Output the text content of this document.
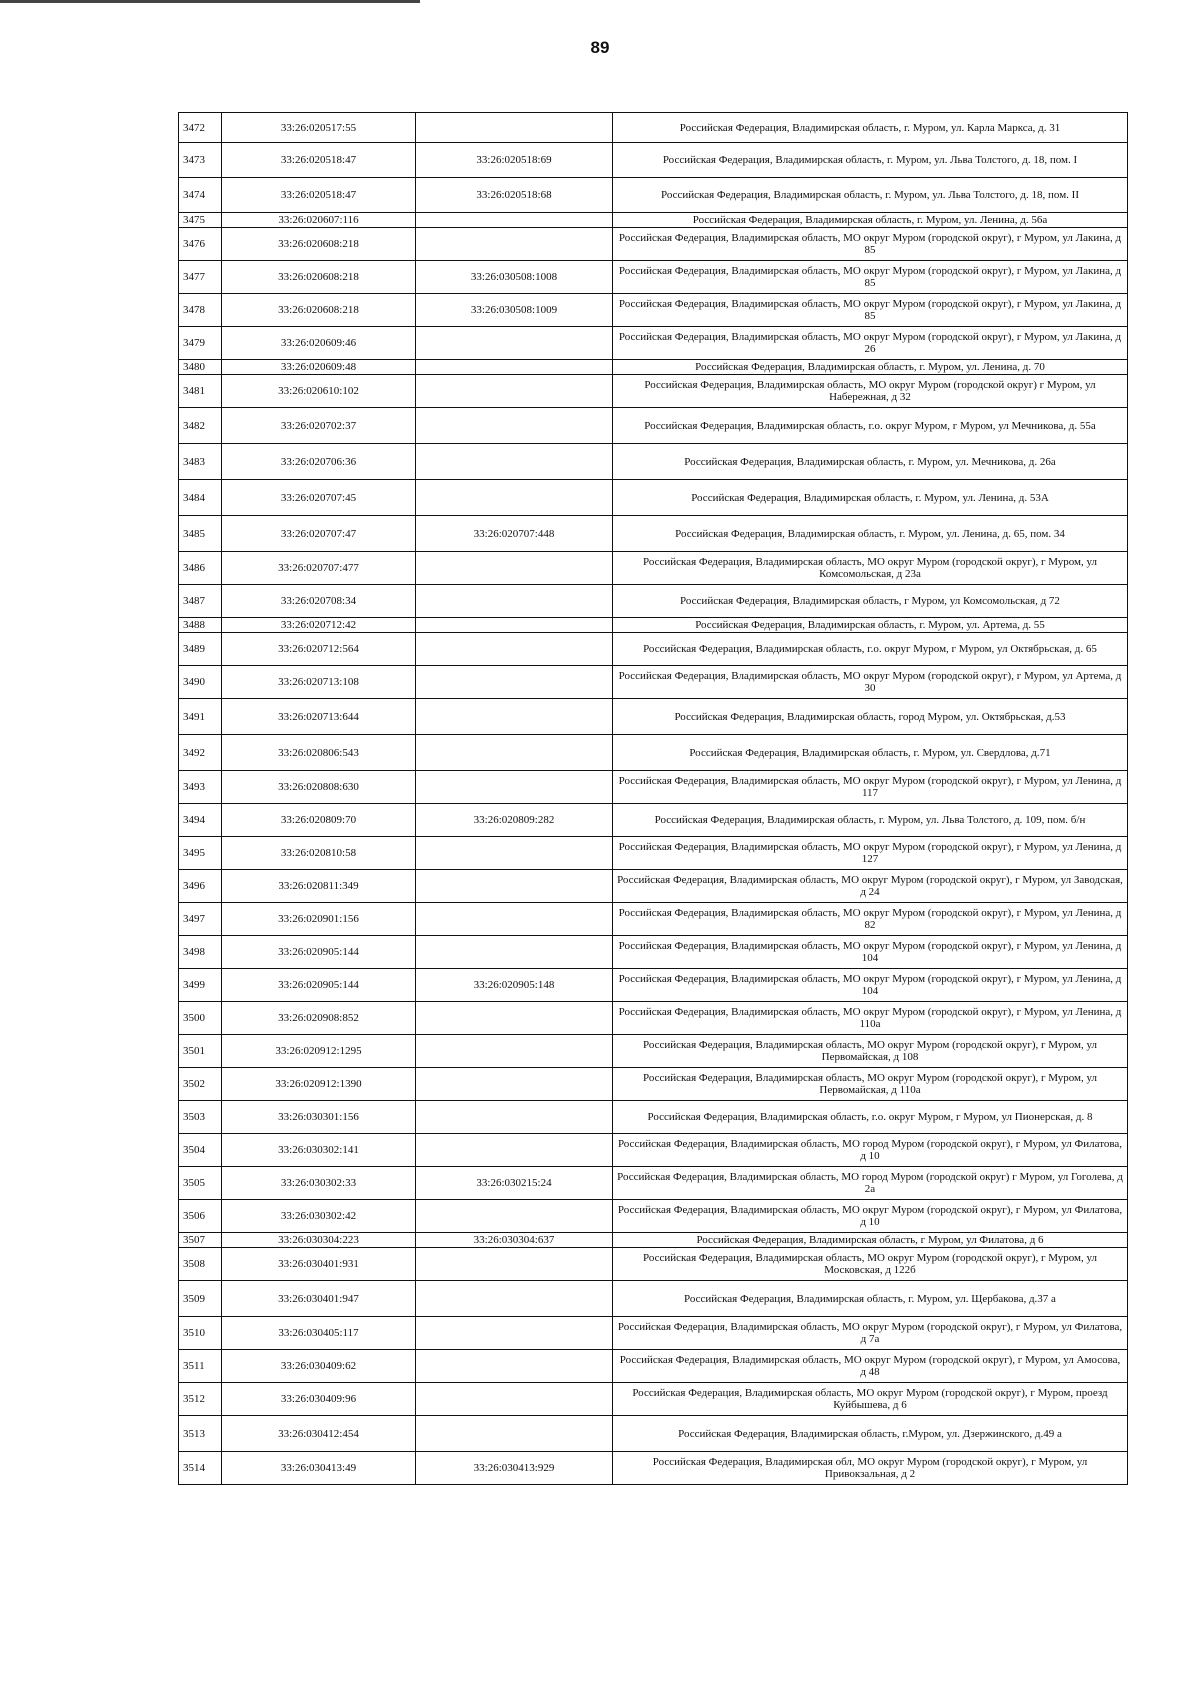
89
3472	33:26:020517:55		Российская Федерация, Владимирская область, г. Муром, ул. Карла Маркса, д. 31
3473	33:26:020518:47	33:26:020518:69	Российская Федерация, Владимирская область, г. Муром, ул. Льва Толстого, д. 18, пом. I
3474	33:26:020518:47	33:26:020518:68	Российская Федерация, Владимирская область, г. Муром, ул. Льва Толстого, д. 18, пом. II
3475	33:26:020607:116		Российская Федерация, Владимирская область, г. Муром, ул. Ленина, д. 56а
3476	33:26:020608:218		Российская Федерация, Владимирская область, МО округ Муром (городской округ), г Муром, ул Лакина, д 85
3477	33:26:020608:218	33:26:030508:1008	Российская Федерация, Владимирская область, МО округ Муром (городской округ), г Муром, ул Лакина, д 85
3478	33:26:020608:218	33:26:030508:1009	Российская Федерация, Владимирская область, МО округ Муром (городской округ), г Муром, ул Лакина, д 85
3479	33:26:020609:46		Российская Федерация, Владимирская область, МО округ Муром (городской округ), г Муром, ул Лакина, д 26
3480	33:26:020609:48		Российская Федерация, Владимирская область, г. Муром, ул. Ленина, д. 70
3481	33:26:020610:102		Российская Федерация, Владимирская область, МО округ Муром (городской округ) г Муром, ул Набережная, д 32
3482	33:26:020702:37		Российская Федерация, Владимирская область, г.о. округ Муром, г Муром, ул Мечникова, д. 55а
3483	33:26:020706:36		Российская Федерация, Владимирская область, г. Муром, ул. Мечникова, д. 26а
3484	33:26:020707:45		Российская Федерация, Владимирская область, г. Муром, ул. Ленина, д. 53А
3485	33:26:020707:47	33:26:020707:448	Российская Федерация, Владимирская область, г. Муром, ул. Ленина, д. 65, пом. 34
3486	33:26:020707:477		Российская Федерация, Владимирская область, МО округ Муром (городской округ), г Муром, ул Комсомольская, д 23а
3487	33:26:020708:34		Российская Федерация, Владимирская область, г Муром, ул Комсомольская, д 72
3488	33:26:020712:42		Российская Федерация, Владимирская область, г. Муром, ул. Артема, д. 55
3489	33:26:020712:564		Российская Федерация, Владимирская область, г.о. округ Муром, г Муром, ул Октябрьская, д. 65
3490	33:26:020713:108		Российская Федерация, Владимирская область, МО округ Муром (городской округ), г Муром, ул Артема, д 30
3491	33:26:020713:644		Российская Федерация, Владимирская область, город Муром, ул. Октябрьская, д.53
3492	33:26:020806:543		Российская Федерация, Владимирская область, г. Муром, ул. Свердлова, д.71
3493	33:26:020808:630		Российская Федерация, Владимирская область, МО округ Муром (городской округ), г Муром, ул Ленина, д 117
3494	33:26:020809:70	33:26:020809:282	Российская Федерация, Владимирская область, г. Муром, ул. Льва Толстого, д. 109, пом. б/н
3495	33:26:020810:58		Российская Федерация, Владимирская область, МО округ Муром (городской округ), г Муром, ул Ленина, д 127
3496	33:26:020811:349		Российская Федерация, Владимирская область, МО округ Муром (городской округ), г Муром, ул Заводская, д 24
3497	33:26:020901:156		Российская Федерация, Владимирская область, МО округ Муром (городской округ), г Муром, ул Ленина, д 82
3498	33:26:020905:144		Российская Федерация, Владимирская область, МО округ Муром (городской округ), г Муром, ул Ленина, д 104
3499	33:26:020905:144	33:26:020905:148	Российская Федерация, Владимирская область, МО округ Муром (городской округ), г Муром, ул Ленина, д 104
3500	33:26:020908:852		Российская Федерация, Владимирская область, МО округ Муром (городской округ), г Муром, ул Ленина, д 110а
3501	33:26:020912:1295		Российская Федерация, Владимирская область, МО округ Муром (городской округ), г Муром, ул Первомайская, д 108
3502	33:26:020912:1390		Российская Федерация, Владимирская область, МО округ Муром (городской округ), г Муром, ул Первомайская, д 110а
3503	33:26:030301:156		Российская Федерация, Владимирская область, г.о. округ Муром, г Муром, ул Пионерская, д. 8
3504	33:26:030302:141		Российская Федерация, Владимирская область, МО город Муром (городской округ), г Муром, ул Филатова, д 10
3505	33:26:030302:33	33:26:030215:24	Российская Федерация, Владимирская область, МО город Муром (городской округ) г Муром, ул Гоголева, д 2а
3506	33:26:030302:42		Российская Федерация, Владимирская область, МО округ Муром (городской округ), г Муром, ул Филатова, д 10
3507	33:26:030304:223	33:26:030304:637	Российская Федерация, Владимирская область, г Муром, ул Филатова, д 6
3508	33:26:030401:931		Российская Федерация, Владимирская область, МО округ Муром (городской округ), г Муром, ул Московская, д 122б
3509	33:26:030401:947		Российская Федерация, Владимирская область, г. Муром, ул. Щербакова, д.37 а
3510	33:26:030405:117		Российская Федерация, Владимирская область, МО округ Муром (городской округ), г Муром, ул Филатова, д 7а
3511	33:26:030409:62		Российская Федерация, Владимирская область, МО округ Муром (городской округ), г Муром, ул Амосова, д 48
3512	33:26:030409:96		Российская Федерация, Владимирская область, МО округ Муром (городской округ), г Муром, проезд Куйбышева, д 6
3513	33:26:030412:454		Российская Федерация, Владимирская область, г.Муром, ул. Дзержинского, д.49 а
3514	33:26:030413:49	33:26:030413:929	Российская Федерация, Владимирская обл, МО округ Муром (городской округ), г Муром, ул Привокзальная, д 2
